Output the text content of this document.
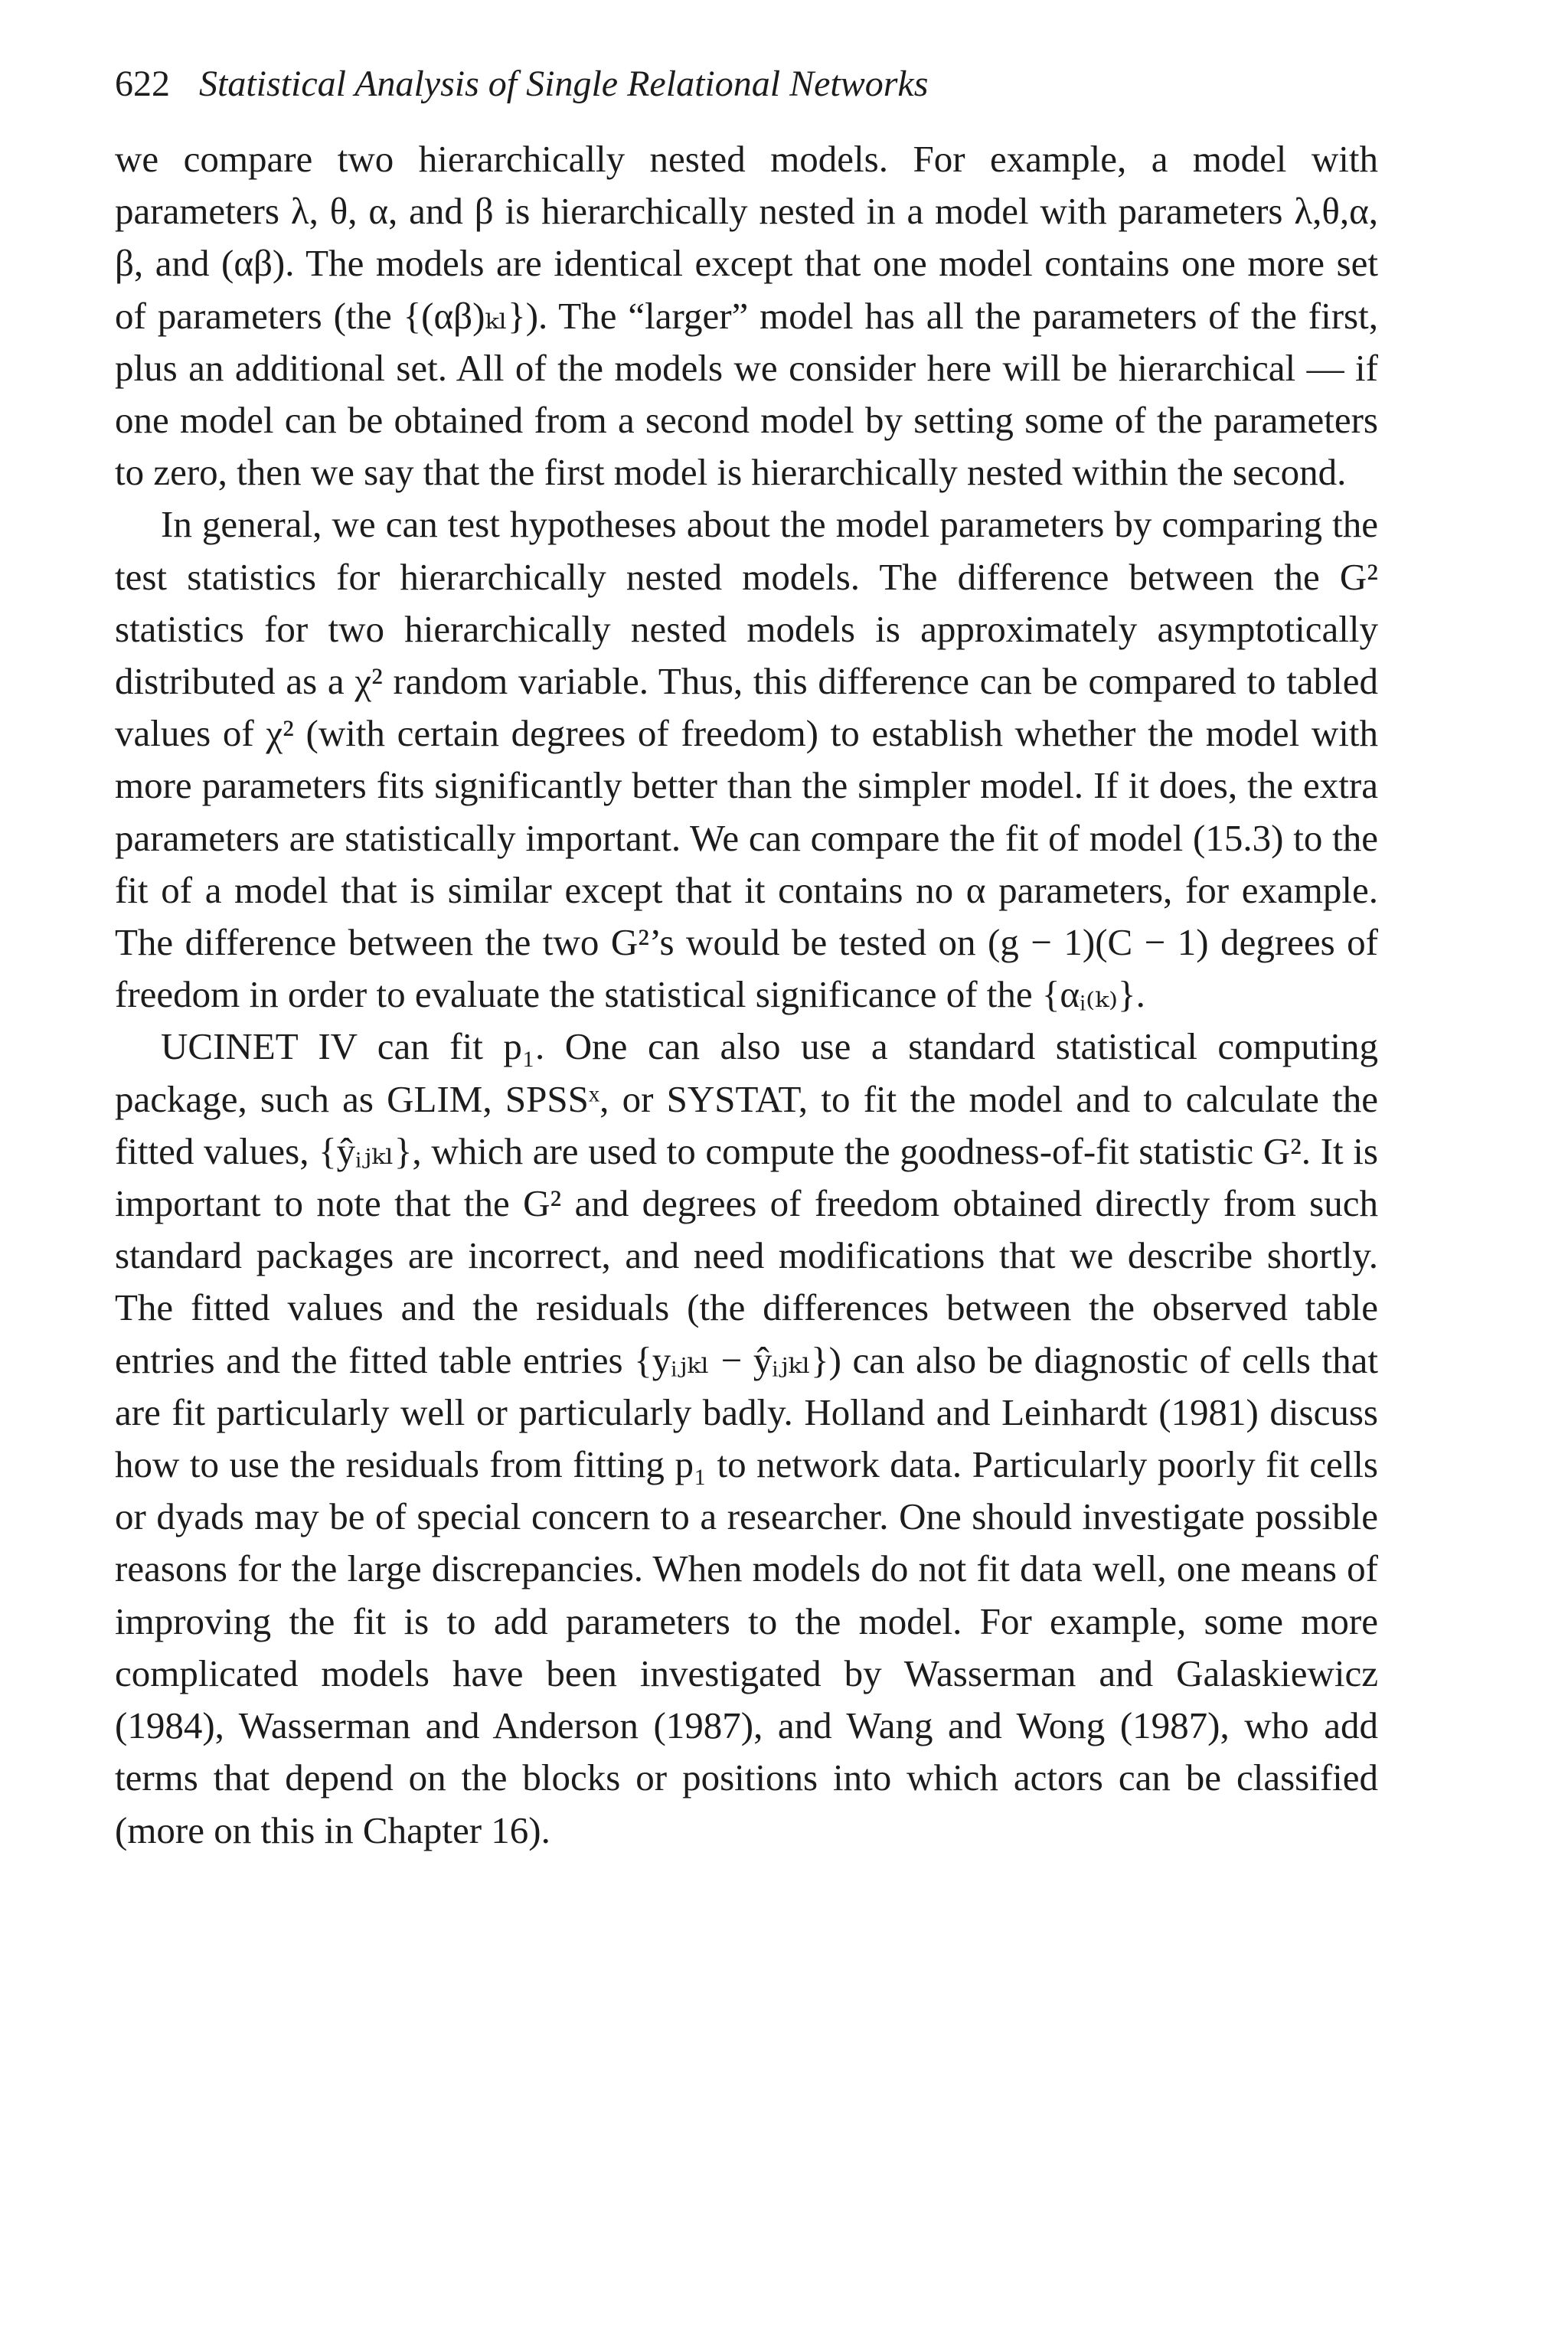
622 Statistical Analysis of Single Relational Networks

we compare two hierarchically nested models. For example, a model with parameters λ, θ, α, and β is hierarchically nested in a model with parameters λ,θ,α, β, and (αβ). The models are identical except that one model contains one more set of parameters (the {(αβ)ₖₗ}). The “larger” model has all the parameters of the first, plus an additional set. All of the models we consider here will be hierarchical — if one model can be obtained from a second model by setting some of the parameters to zero, then we say that the first model is hierarchically nested within the second.

In general, we can test hypotheses about the model parameters by comparing the test statistics for hierarchically nested models. The difference between the G² statistics for two hierarchically nested models is approximately asymptotically distributed as a χ² random variable. Thus, this difference can be compared to tabled values of χ² (with certain degrees of freedom) to establish whether the model with more parameters fits significantly better than the simpler model. If it does, the extra parameters are statistically important. We can compare the fit of model (15.3) to the fit of a model that is similar except that it contains no α parameters, for example. The difference between the two G²’s would be tested on (g − 1)(C − 1) degrees of freedom in order to evaluate the statistical significance of the {αᵢ₍ₖ₎}.

UCINET IV can fit p₁. One can also use a standard statistical computing package, such as GLIM, SPSSˣ, or SYSTAT, to fit the model and to calculate the fitted values, {ŷᵢⱼₖₗ}, which are used to compute the goodness-of-fit statistic G². It is important to note that the G² and degrees of freedom obtained directly from such standard packages are incorrect, and need modifications that we describe shortly. The fitted values and the residuals (the differences between the observed table entries and the fitted table entries {yᵢⱼₖₗ − ŷᵢⱼₖₗ}) can also be diagnostic of cells that are fit particularly well or particularly badly. Holland and Leinhardt (1981) discuss how to use the residuals from fitting p₁ to network data. Particularly poorly fit cells or dyads may be of special concern to a researcher. One should investigate possible reasons for the large discrepancies. When models do not fit data well, one means of improving the fit is to add parameters to the model. For example, some more complicated models have been investigated by Wasserman and Galaskiewicz (1984), Wasserman and Anderson (1987), and Wang and Wong (1987), who add terms that depend on the blocks or positions into which actors can be classified (more on this in Chapter 16).
